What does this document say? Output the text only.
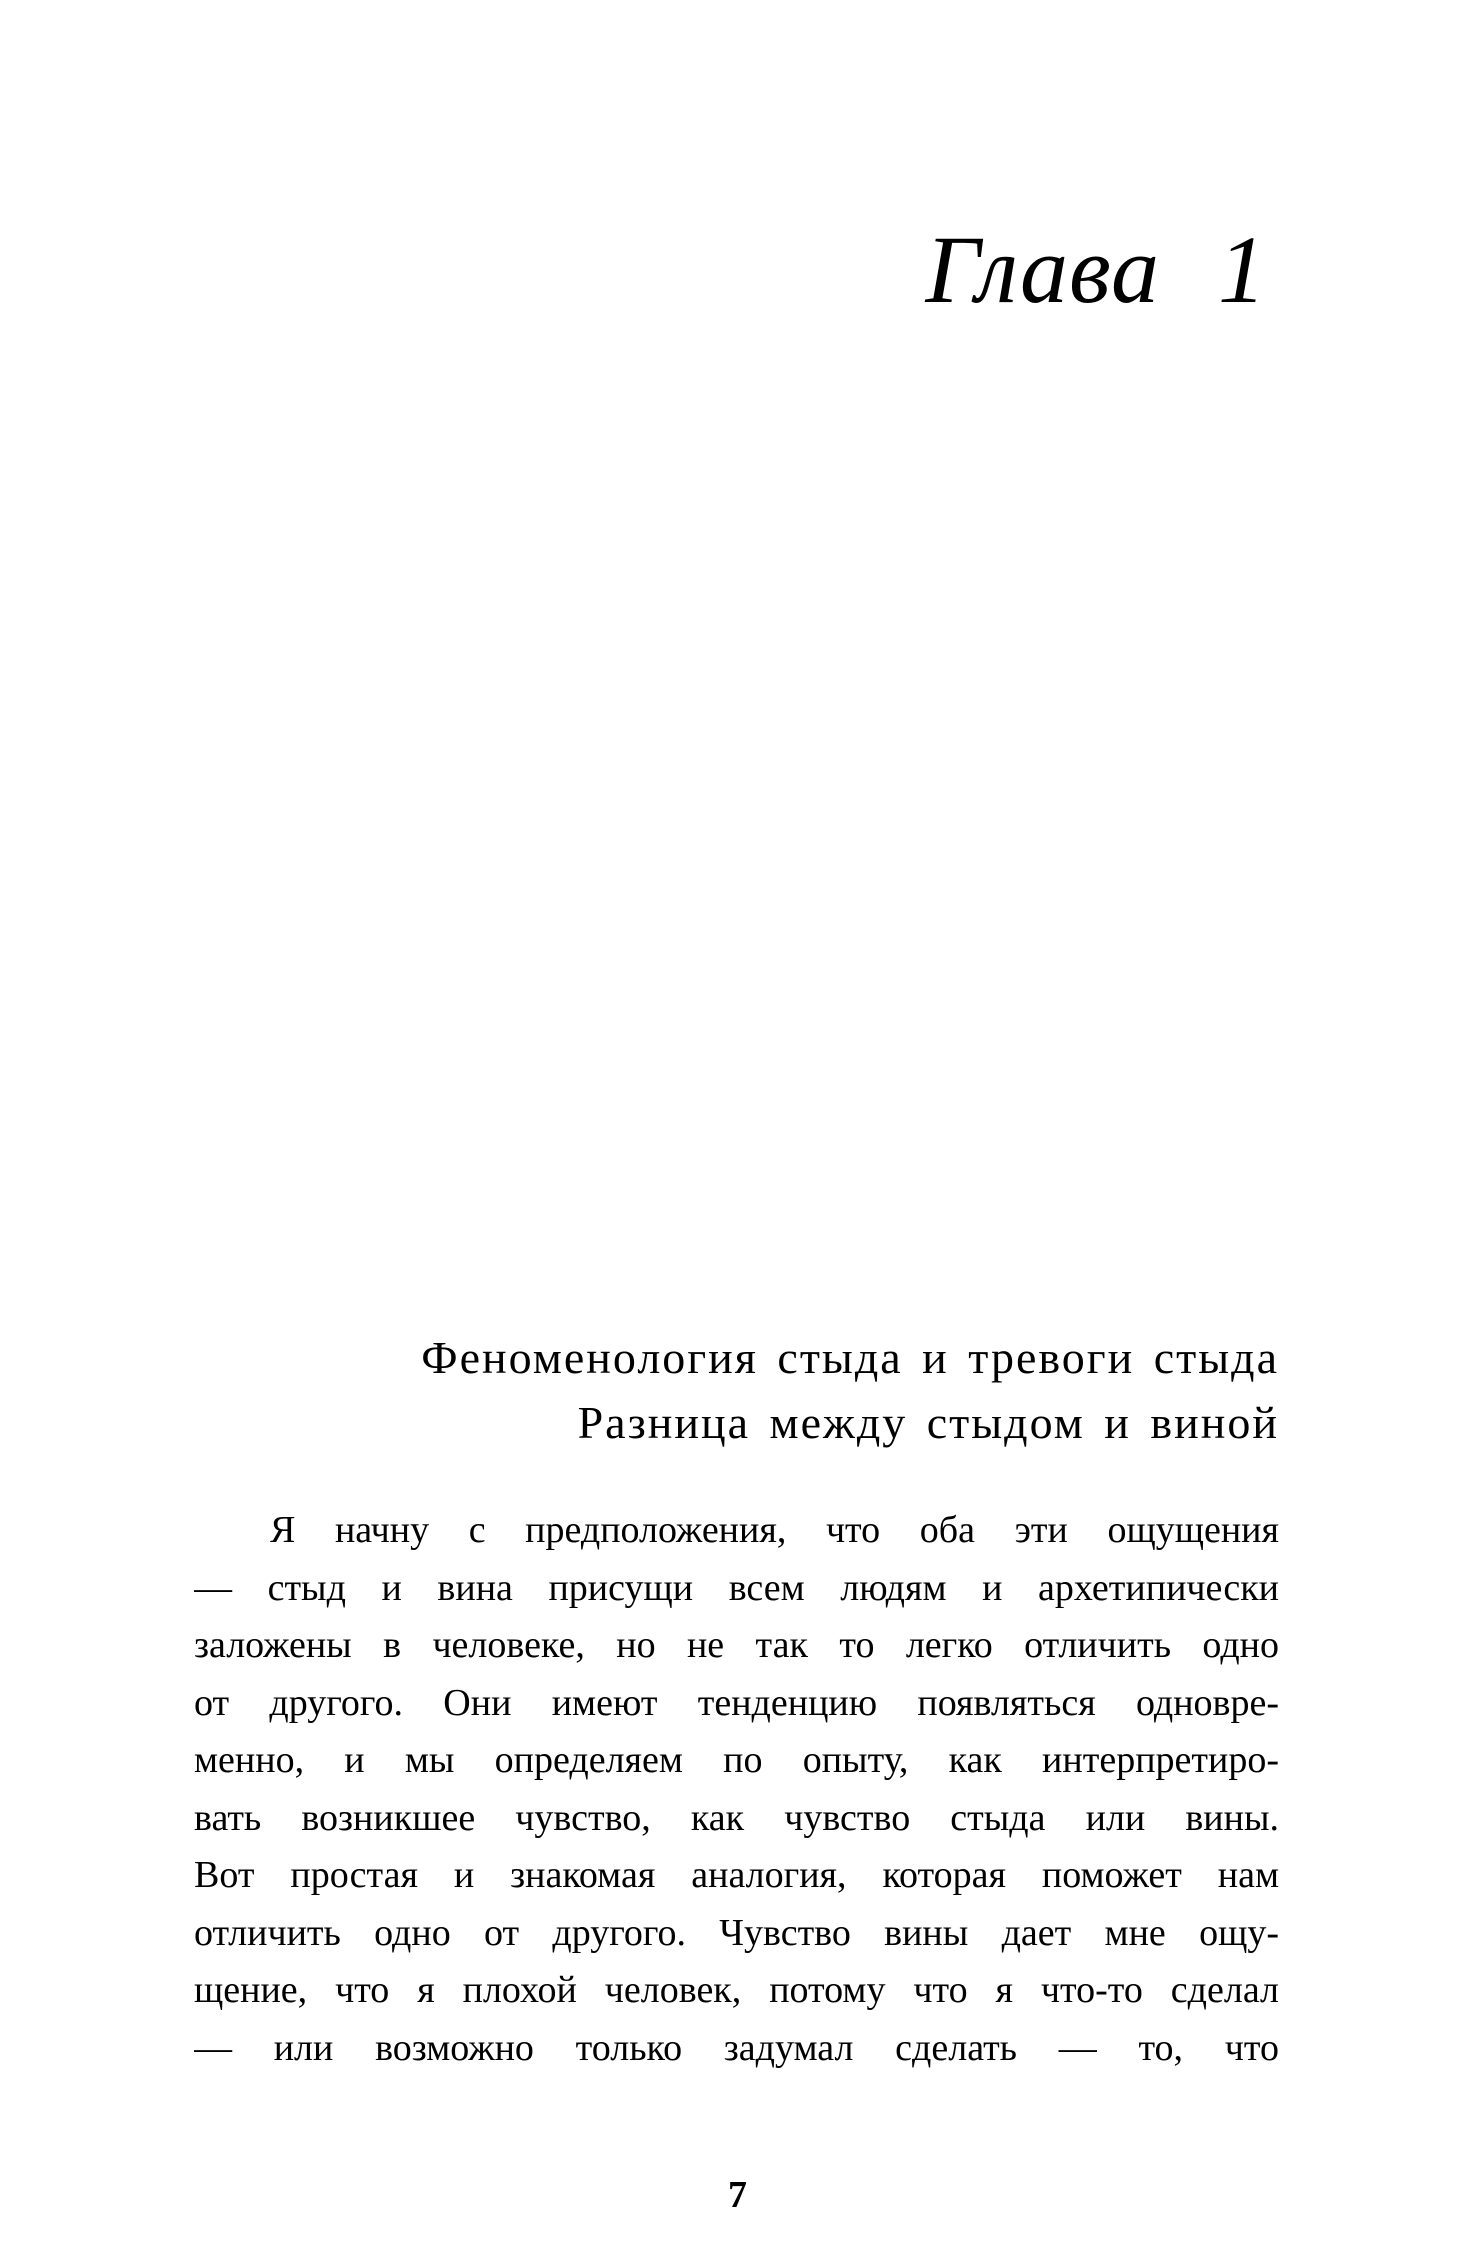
Глава 1
Феноменология стыда и тревоги стыда
Разница между стыдом и виной
Я начну с предположения, что оба эти ощущения
— стыд и вина присущи всем людям и архетипически
заложены в человеке, но не так то легко отличить одно
от другого. Они имеют тенденцию появляться одновре-
менно, и мы определяем по опыту, как интерпретиро-
вать возникшее чувство, как чувство стыда или вины.
Вот простая и знакомая аналогия, которая поможет нам
отличить одно от другого. Чувство вины дает мне ощу-
щение, что я плохой человек, потому что я что-то сделал
— или возможно только задумал сделать — то, что
7
